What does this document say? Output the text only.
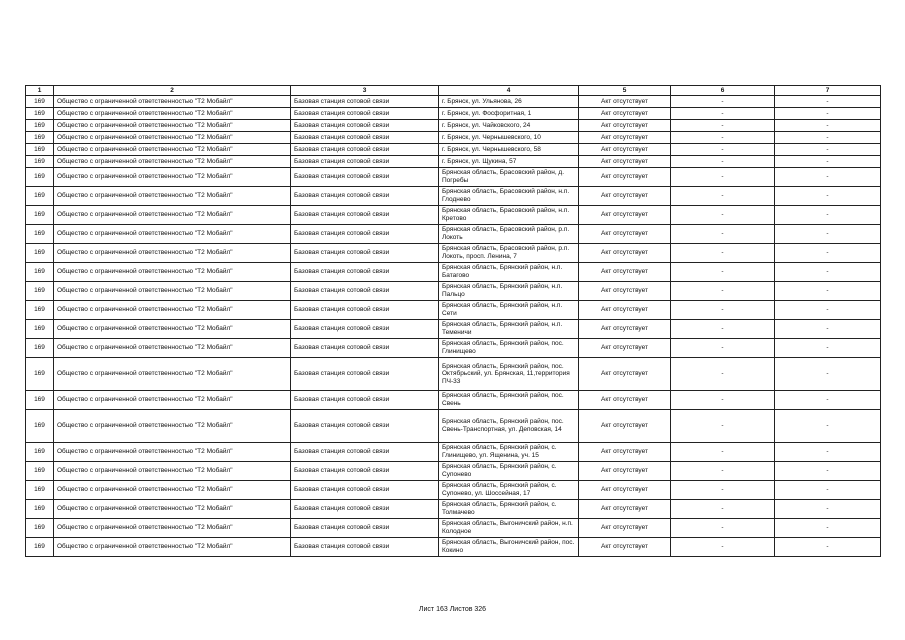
1	2	3	4	5	6	7
169	Общество с ограниченной ответственностью "Т2 Мобайл"	Базовая станция сотовой связи	г. Брянск, ул. Ульянова, 26	Акт отсутствует	-	-
169	Общество с ограниченной ответственностью "Т2 Мобайл"	Базовая станция сотовой связи	г. Брянск, ул. Фосфоритная, 1	Акт отсутствует	-	-
169	Общество с ограниченной ответственностью "Т2 Мобайл"	Базовая станция сотовой связи	г. Брянск, ул. Чайковского, 24	Акт отсутствует	-	-
169	Общество с ограниченной ответственностью "Т2 Мобайл"	Базовая станция сотовой связи	г. Брянск, ул. Чернышевского, 10	Акт отсутствует	-	-
169	Общество с ограниченной ответственностью "Т2 Мобайл"	Базовая станция сотовой связи	г. Брянск, ул. Чернышевского, 58	Акт отсутствует	-	-
169	Общество с ограниченной ответственностью "Т2 Мобайл"	Базовая станция сотовой связи	г. Брянск, ул. Щукина, 57	Акт отсутствует	-	-
169	Общество с ограниченной ответственностью "Т2 Мобайл"	Базовая станция сотовой связи	Брянская область, Брасовский район, д. Погребы	Акт отсутствует	-	-
169	Общество с ограниченной ответственностью "Т2 Мобайл"	Базовая станция сотовой связи	Брянская область, Брасовский район, н.п. Глоднево	Акт отсутствует	-	-
169	Общество с ограниченной ответственностью "Т2 Мобайл"	Базовая станция сотовой связи	Брянская область, Брасовский район, н.п. Кретово	Акт отсутствует	-	-
169	Общество с ограниченной ответственностью "Т2 Мобайл"	Базовая станция сотовой связи	Брянская область, Брасовский район, р.п. Локоть	Акт отсутствует	-	-
169	Общество с ограниченной ответственностью "Т2 Мобайл"	Базовая станция сотовой связи	Брянская область, Брасовский район, р.п. Локоть, просп. Ленина, 7	Акт отсутствует	-	-
169	Общество с ограниченной ответственностью "Т2 Мобайл"	Базовая станция сотовой связи	Брянская область, Брянский район, н.п. Батагово	Акт отсутствует	-	-
169	Общество с ограниченной ответственностью "Т2 Мобайл"	Базовая станция сотовой связи	Брянская область, Брянский район, н.п. Пальцо	Акт отсутствует	-	-
169	Общество с ограниченной ответственностью "Т2 Мобайл"	Базовая станция сотовой связи	Брянская область, Брянский район, н.п. Сети	Акт отсутствует	-	-
169	Общество с ограниченной ответственностью "Т2 Мобайл"	Базовая станция сотовой связи	Брянская область, Брянский район, н.п. Теменичи	Акт отсутствует	-	-
169	Общество с ограниченной ответственностью "Т2 Мобайл"	Базовая станция сотовой связи	Брянская область, Брянский район, пос. Глинищево	Акт отсутствует	-	-
169	Общество с ограниченной ответственностью "Т2 Мобайл"	Базовая станция сотовой связи	Брянская область, Брянский район, пос. Октябрьский, ул. Брянская, 11,территория ПЧ-33	Акт отсутствует	-	-
169	Общество с ограниченной ответственностью "Т2 Мобайл"	Базовая станция сотовой связи	Брянская область, Брянский район, пос. Свень	Акт отсутствует	-	-
169	Общество с ограниченной ответственностью "Т2 Мобайл"	Базовая станция сотовой связи	Брянская область, Брянский район, пос. Свень-Транспортная, ул. Деповская, 14	Акт отсутствует	-	-
169	Общество с ограниченной ответственностью "Т2 Мобайл"	Базовая станция сотовой связи	Брянская область, Брянский район, с. Глинищево, ул. Ященина, уч. 15	Акт отсутствует	-	-
169	Общество с ограниченной ответственностью "Т2 Мобайл"	Базовая станция сотовой связи	Брянская область, Брянский район, с. Супонево	Акт отсутствует	-	-
169	Общество с ограниченной ответственностью "Т2 Мобайл"	Базовая станция сотовой связи	Брянская область, Брянский район, с. Супонево, ул. Шоссейная, 17	Акт отсутствует	-	-
169	Общество с ограниченной ответственностью "Т2 Мобайл"	Базовая станция сотовой связи	Брянская область, Брянский район, с. Толмачево	Акт отсутствует	-	-
169	Общество с ограниченной ответственностью "Т2 Мобайл"	Базовая станция сотовой связи	Брянская область, Выгоничский район, н.п. Колодное	Акт отсутствует	-	-
169	Общество с ограниченной ответственностью "Т2 Мобайл"	Базовая станция сотовой связи	Брянская область, Выгоничский район, пос. Кокино	Акт отсутствует	-	-
Лист 163 Листов 326
